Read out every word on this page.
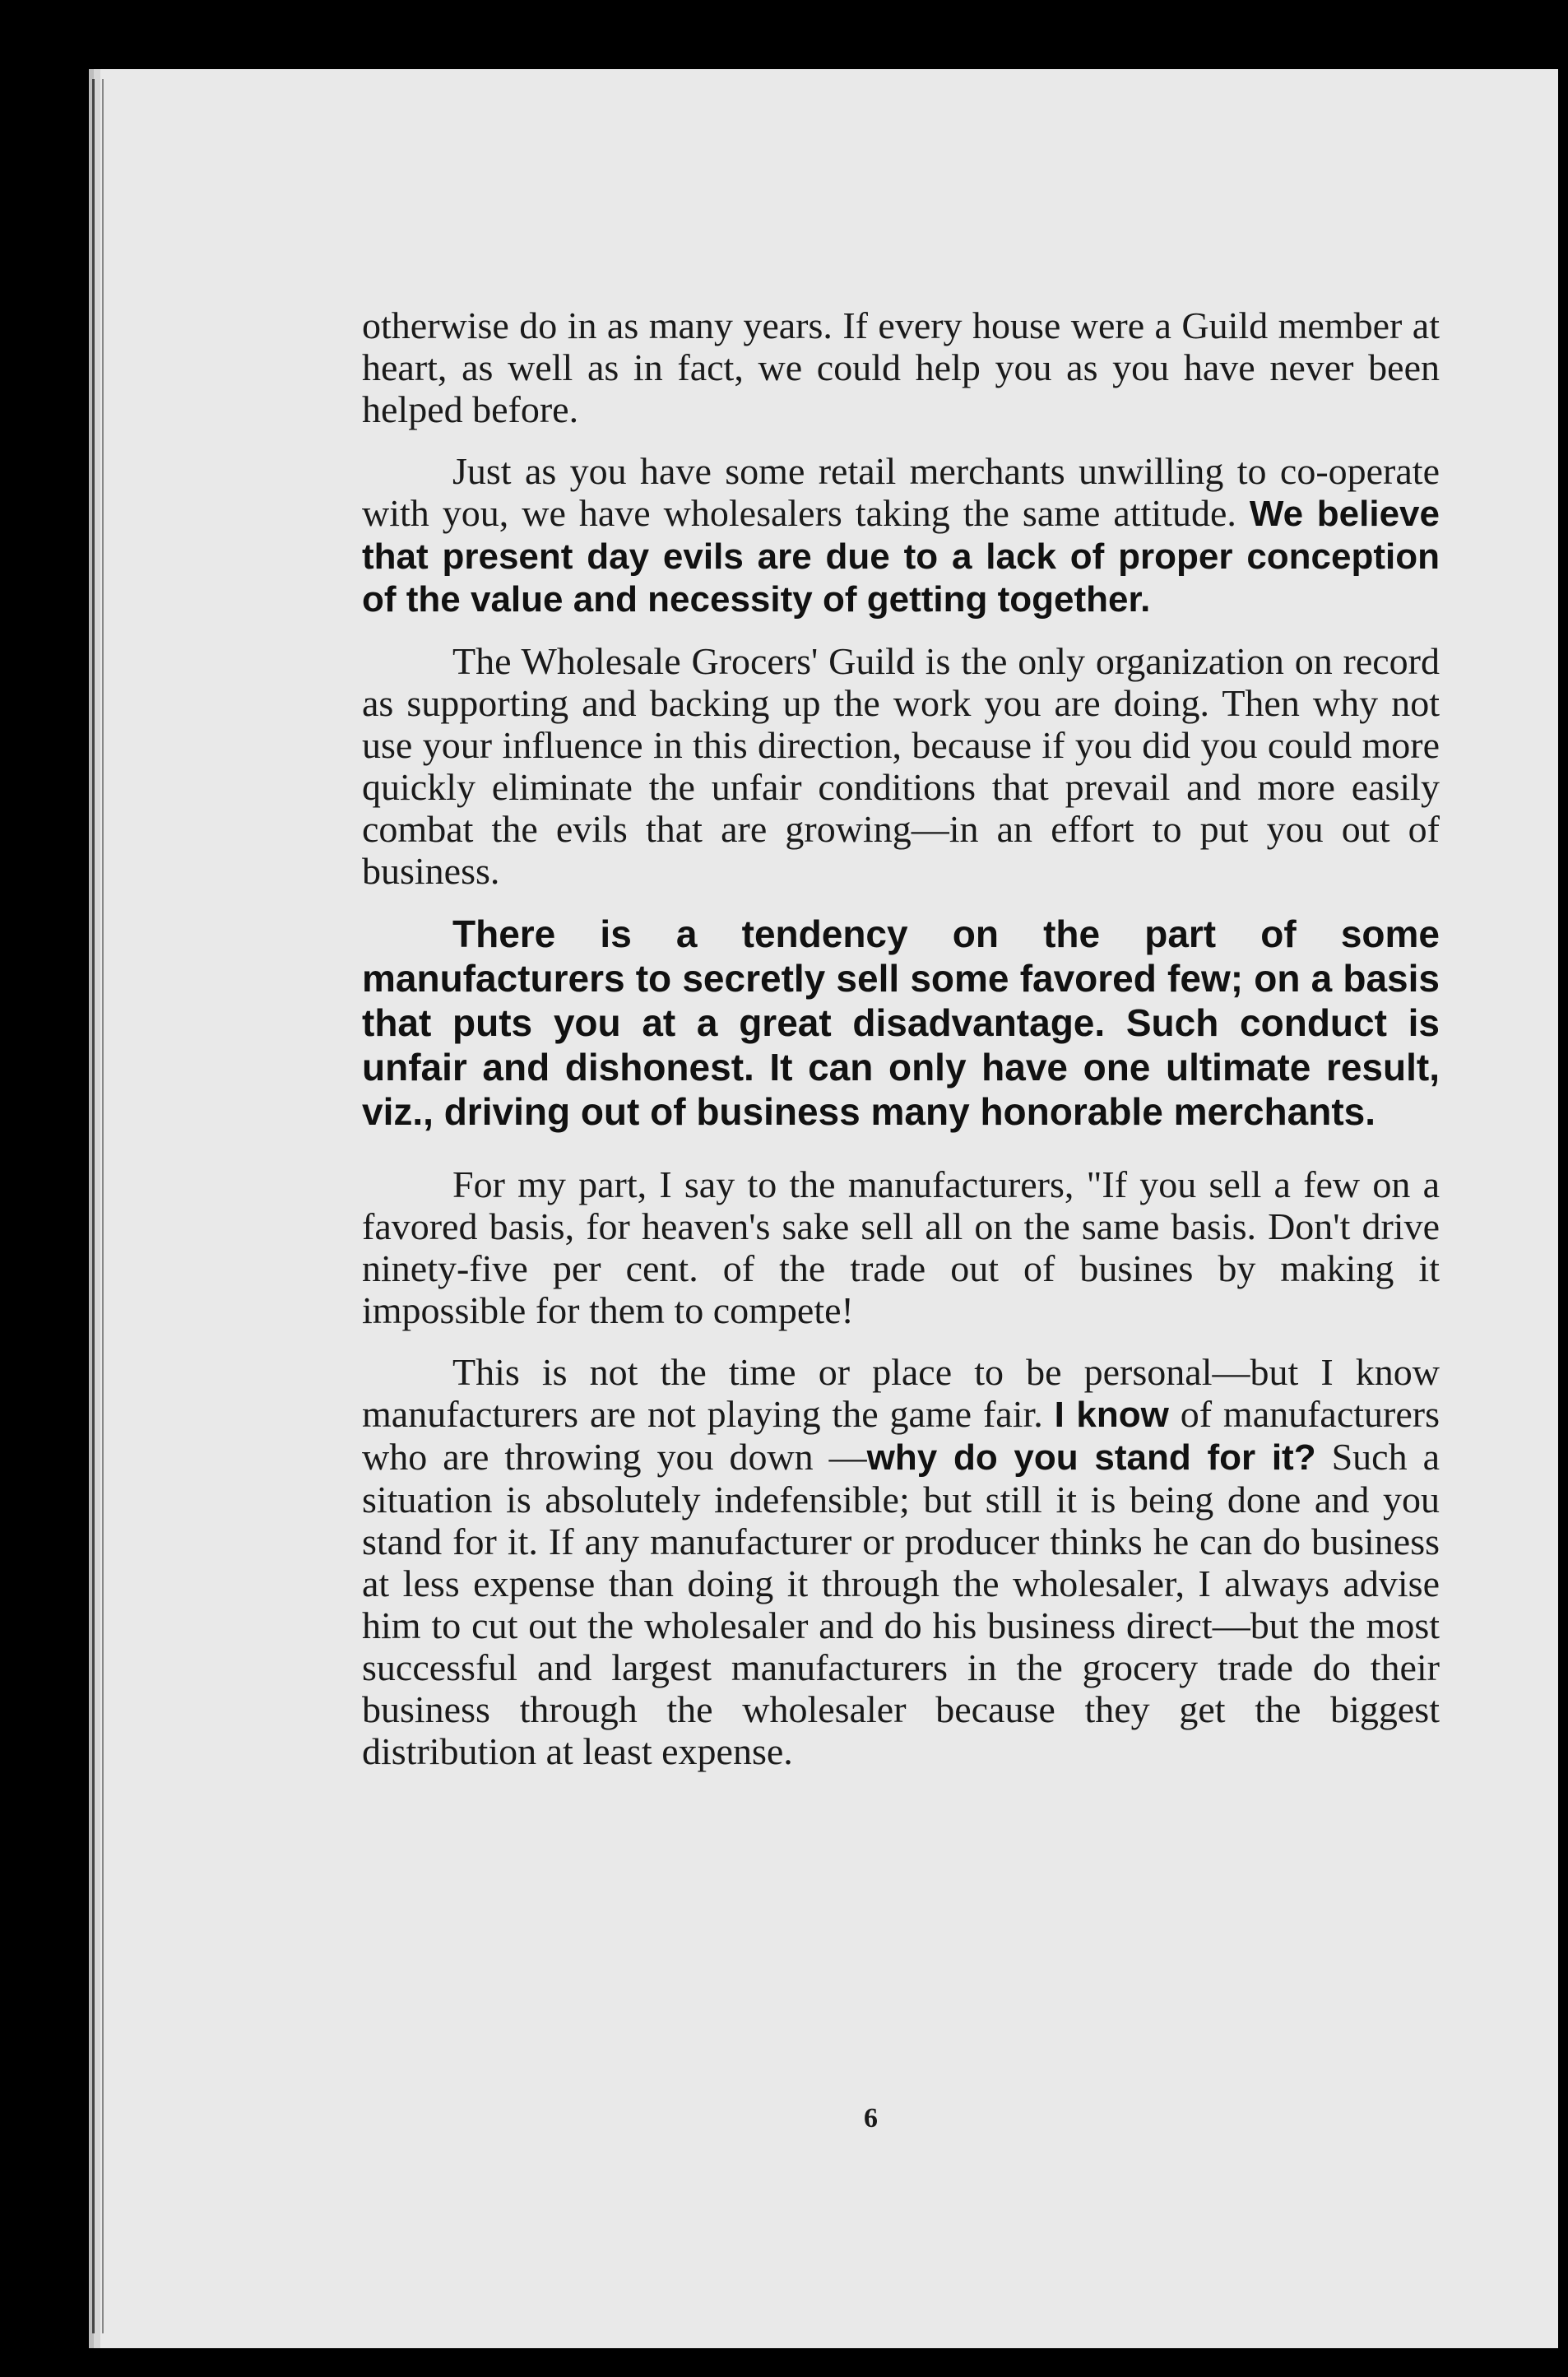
otherwise do in as many years. If every house were a Guild member at heart, as well as in fact, we could help you as you have never been helped before.

Just as you have some retail merchants unwilling to co-operate with you, we have wholesalers taking the same attitude. We believe that present day evils are due to a lack of proper conception of the value and necessity of getting together.

The Wholesale Grocers' Guild is the only organization on record as supporting and backing up the work you are doing. Then why not use your influence in this direction, because if you did you could more quickly eliminate the unfair conditions that prevail and more easily combat the evils that are growing—in an effort to put you out of business.

There is a tendency on the part of some manufacturers to secretly sell some favored few; on a basis that puts you at a great disadvantage. Such conduct is unfair and dishonest. It can only have one ultimate result, viz., driving out of business many honorable merchants.

For my part, I say to the manufacturers, "If you sell a few on a favored basis, for heaven's sake sell all on the same basis. Don't drive ninety-five per cent. of the trade out of busines by making it impossible for them to compete!

This is not the time or place to be personal—but I know manufacturers are not playing the game fair. I know of manufacturers who are throwing you down —why do you stand for it? Such a situation is absolutely indefensible; but still it is being done and you stand for it. If any manufacturer or producer thinks he can do business at less expense than doing it through the wholesaler, I always advise him to cut out the wholesaler and do his business direct—but the most successful and largest manufacturers in the grocery trade do their business through the wholesaler because they get the biggest distribution at least expense.

6
